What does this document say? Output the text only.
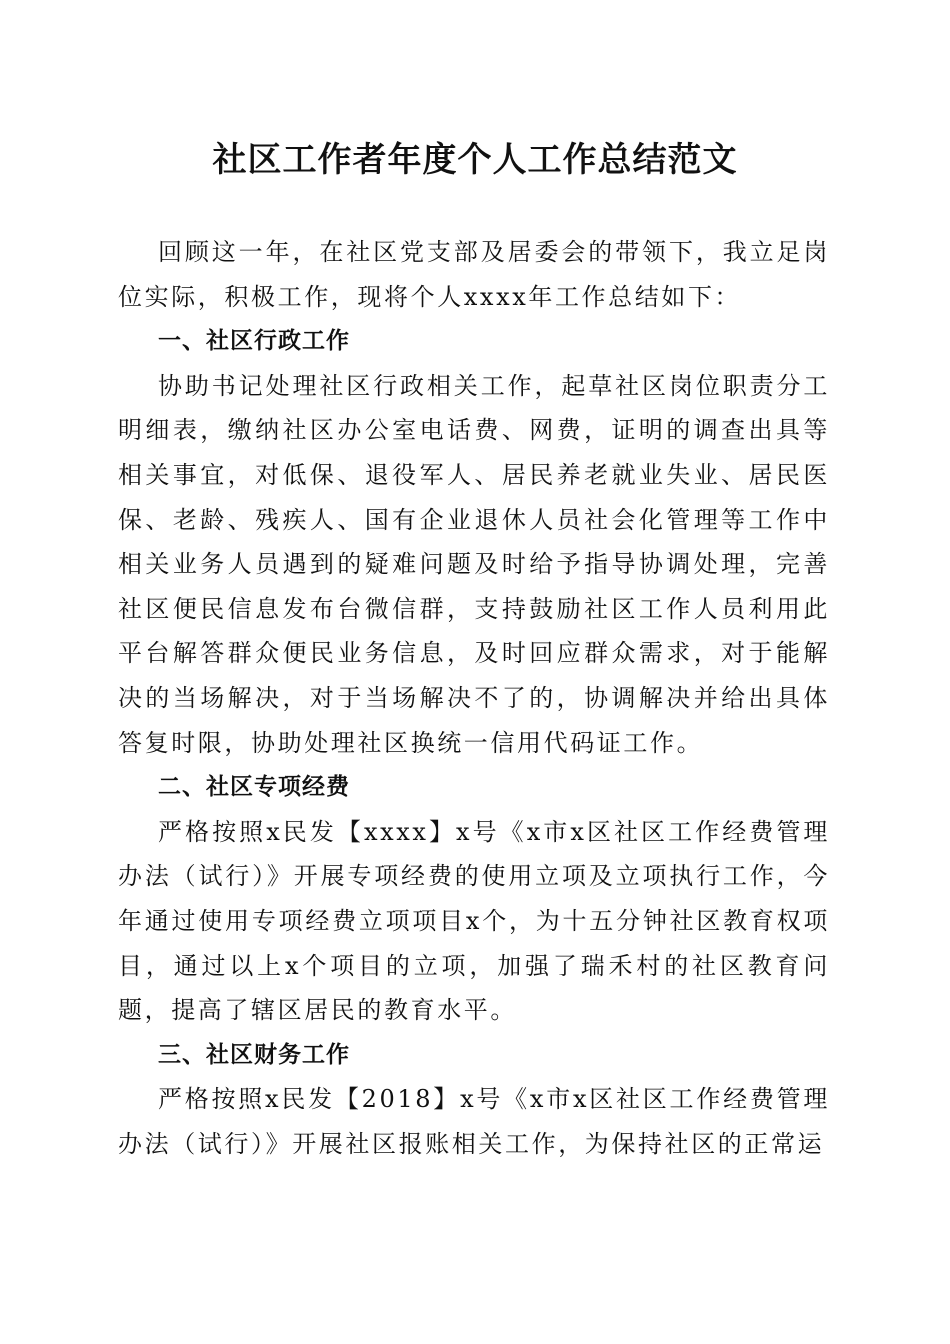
社区工作者年度个人工作总结范文

回顾这一年，在社区党支部及居委会的带领下，我立足岗位实际，积极工作，现将个人xxxx年工作总结如下：

一、社区行政工作

协助书记处理社区行政相关工作，起草社区岗位职责分工明细表，缴纳社区办公室电话费、网费，证明的调查出具等相关事宜，对低保、退役军人、居民养老就业失业、居民医保、老龄、残疾人、国有企业退休人员社会化管理等工作中相关业务人员遇到的疑难问题及时给予指导协调处理，完善社区便民信息发布台微信群，支持鼓励社区工作人员利用此平台解答群众便民业务信息，及时回应群众需求，对于能解决的当场解决，对于当场解决不了的，协调解决并给出具体答复时限，协助处理社区换统一信用代码证工作。

二、社区专项经费

严格按照x民发【xxxx】x号《x市x区社区工作经费管理办法（试行）》开展专项经费的使用立项及立项执行工作，今年通过使用专项经费立项项目x个，为十五分钟社区教育权项目，通过以上x个项目的立项，加强了瑞禾村的社区教育问题，提高了辖区居民的教育水平。

三、社区财务工作

严格按照x民发【2018】x号《x市x区社区工作经费管理办法（试行）》开展社区报账相关工作，为保持社区的正常运
